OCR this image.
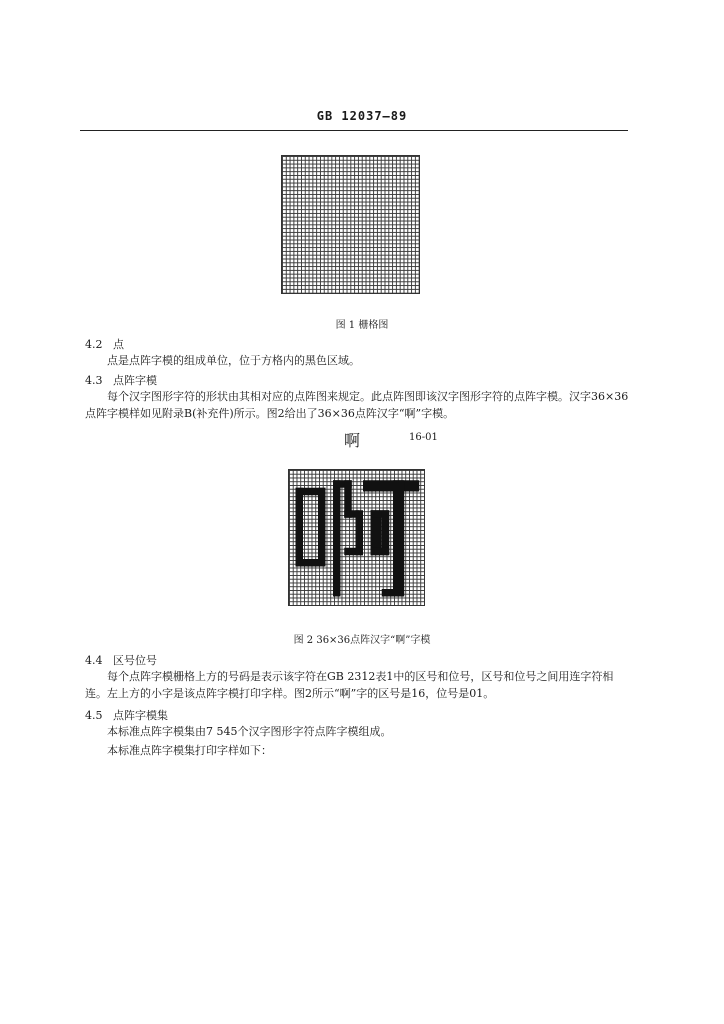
GB 12037—89
图 1 栅格图
4.2 点
点是点阵字模的组成单位，位于方格内的黑色区域。
4.3 点阵字模
每个汉字图形字符的形状由其相对应的点阵图来规定。此点阵图即该汉字图形字符的点阵字模。汉字36×36点阵字模样如见附录B(补充件)所示。图2给出了36×36点阵汉字“啊”字模。
啊	16-01
图 2 36×36点阵汉字“啊”字模
4.4 区号位号
每个点阵字模栅格上方的号码是表示该字符在GB 2312表1中的区号和位号，区号和位号之间用连字符相连。左上方的小字是该点阵字模打印字样。图2所示“啊”字的区号是16，位号是01。
4.5 点阵字模集
本标准点阵字模集由7 545个汉字图形字符点阵字模组成。
本标准点阵字模集打印字样如下：
